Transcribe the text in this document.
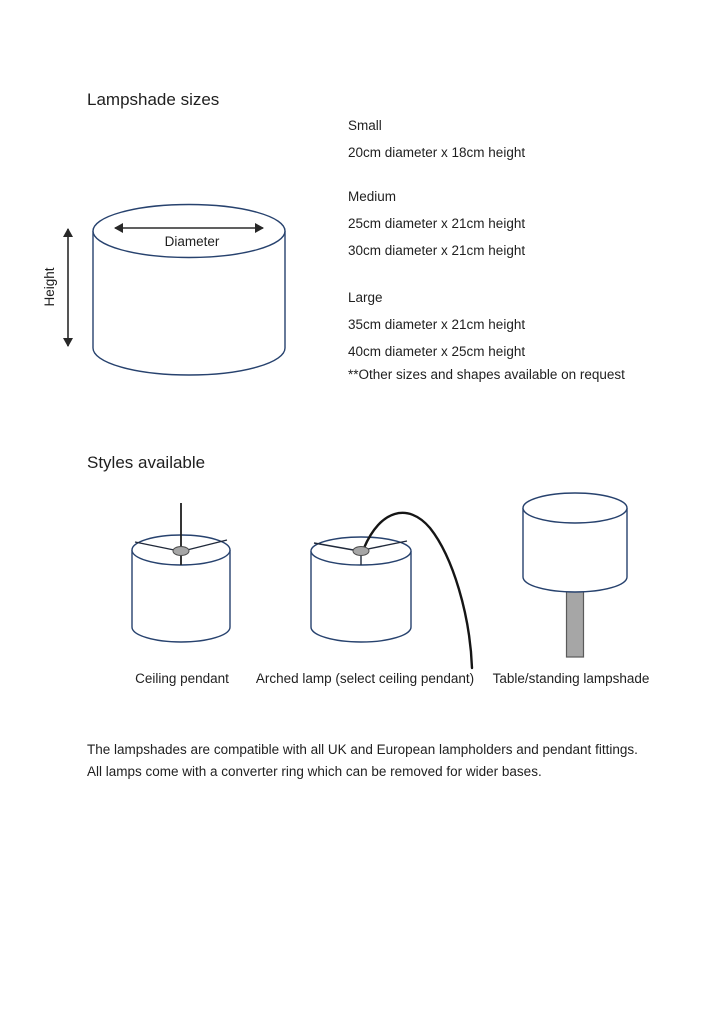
Lampshade sizes
Diameter
Height
Small
20cm diameter x 18cm height
Medium
25cm diameter x 21cm height
30cm diameter x 21cm height
Large
35cm diameter x 21cm height
40cm diameter x 25cm height
**Other sizes and shapes available on request
Styles available
Ceiling pendant	Arched lamp (select ceiling pendant)	Table/standing lampshade
The lampshades are compatible with all UK and European lampholders and pendant fittings.
All lamps come with a converter ring which can be removed for wider bases.
